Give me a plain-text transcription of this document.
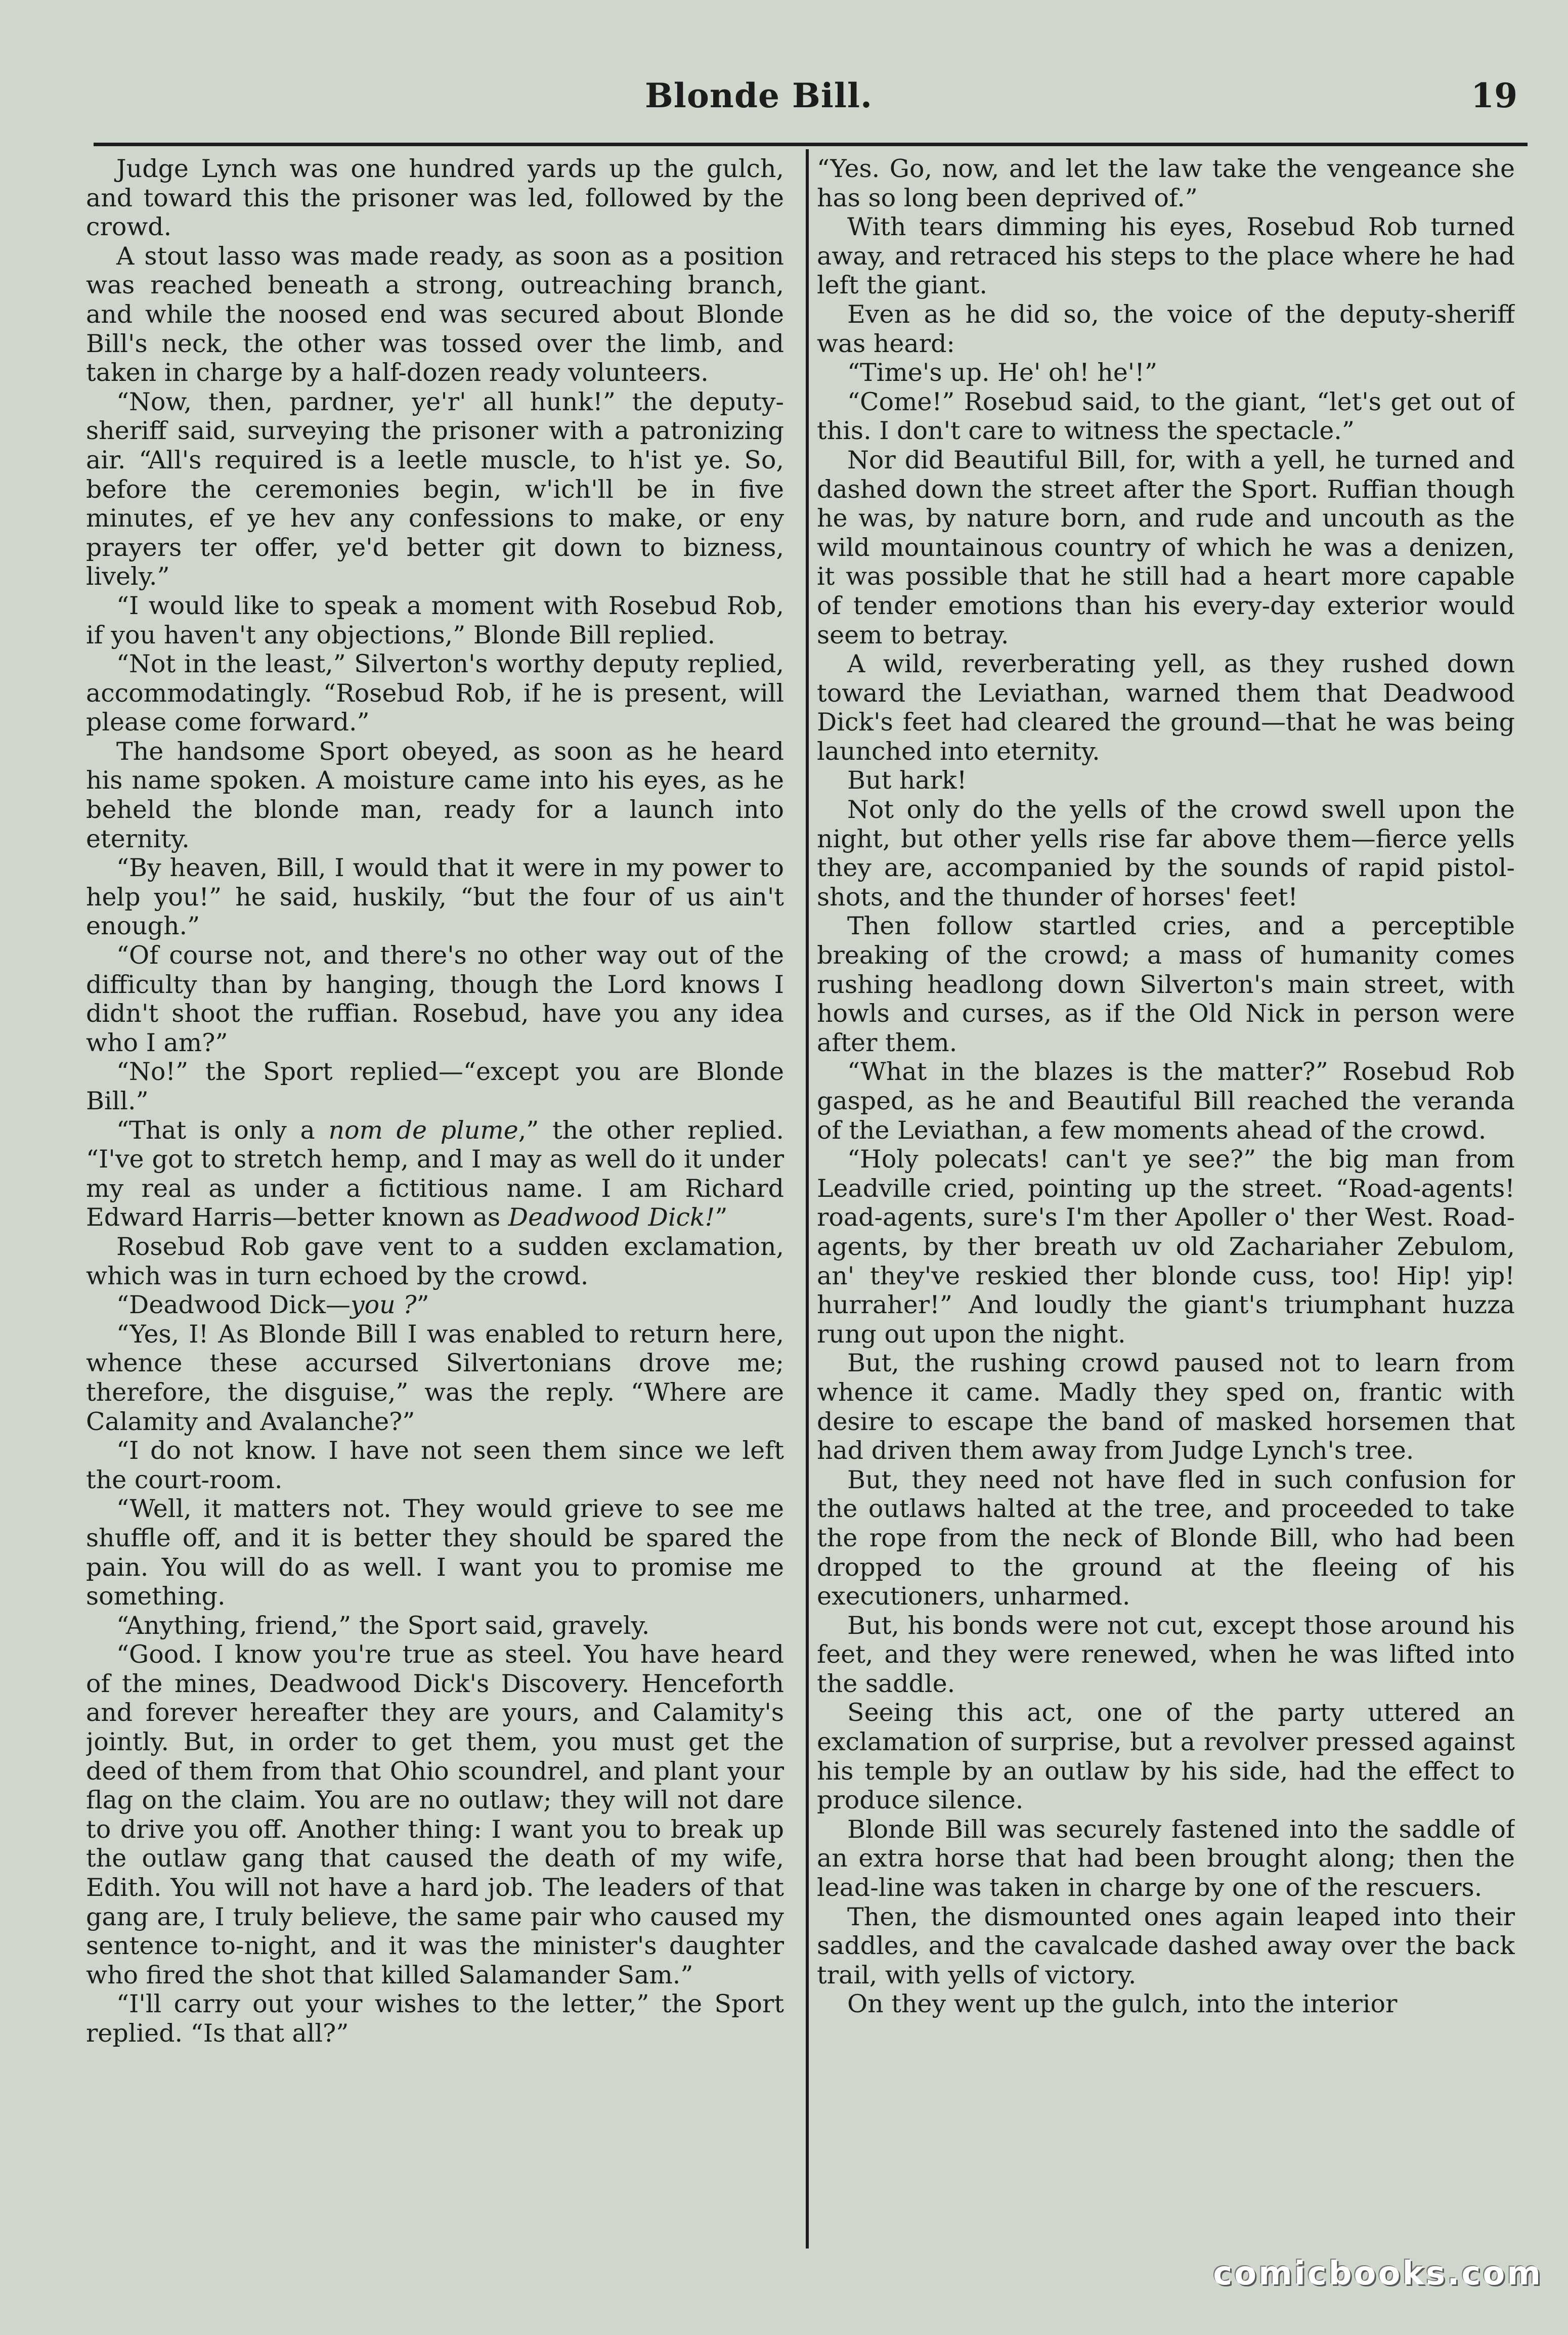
Blonde Bill.	19

Judge Lynch was one hundred yards up the gulch, and toward this the prisoner was led, followed by the crowd.

A stout lasso was made ready, as soon as a position was reached beneath a strong, outreaching branch, and while the noosed end was secured about Blonde Bill's neck, the other was tossed over the limb, and taken in charge by a half-dozen ready volunteers.

“Now, then, pardner, ye'r' all hunk!” the deputy-sheriff said, surveying the prisoner with a patronizing air. “All's required is a leetle muscle, to h'ist ye. So, before the ceremonies begin, w'ich'll be in five minutes, ef ye hev any confessions to make, or eny prayers ter offer, ye'd better git down to bizness, lively.”

“I would like to speak a moment with Rosebud Rob, if you haven't any objections,” Blonde Bill replied.

“Not in the least,” Silverton's worthy deputy replied, accommodatingly. “Rosebud Rob, if he is present, will please come forward.”

The handsome Sport obeyed, as soon as he heard his name spoken. A moisture came into his eyes, as he beheld the blonde man, ready for a launch into eternity.

“By heaven, Bill, I would that it were in my power to help you!” he said, huskily, “but the four of us ain't enough.”

“Of course not, and there's no other way out of the difficulty than by hanging, though the Lord knows I didn't shoot the ruffian. Rosebud, have you any idea who I am?”

“No!” the Sport replied—“except you are Blonde Bill.”

“That is only a nom de plume,” the other replied. “I've got to stretch hemp, and I may as well do it under my real as under a fictitious name. I am Richard Edward Harris—better known as Deadwood Dick!”

Rosebud Rob gave vent to a sudden exclamation, which was in turn echoed by the crowd.

“Deadwood Dick—you ?”

“Yes, I! As Blonde Bill I was enabled to return here, whence these accursed Silvertonians drove me; therefore, the disguise,” was the reply. “Where are Calamity and Avalanche?”

“I do not know. I have not seen them since we left the court-room.

“Well, it matters not. They would grieve to see me shuffle off, and it is better they should be spared the pain. You will do as well. I want you to promise me something.

“Anything, friend,” the Sport said, gravely.

“Good. I know you're true as steel. You have heard of the mines, Deadwood Dick's Discovery. Henceforth and forever hereafter they are yours, and Calamity's jointly. But, in order to get them, you must get the deed of them from that Ohio scoundrel, and plant your flag on the claim. You are no outlaw; they will not dare to drive you off. Another thing: I want you to break up the outlaw gang that caused the death of my wife, Edith. You will not have a hard job. The leaders of that gang are, I truly believe, the same pair who caused my sentence to-night, and it was the minister's daughter who fired the shot that killed Salamander Sam.”

“I'll carry out your wishes to the letter,” the Sport replied. “Is that all?”

“Yes. Go, now, and let the law take the vengeance she has so long been deprived of.”

With tears dimming his eyes, Rosebud Rob turned away, and retraced his steps to the place where he had left the giant.

Even as he did so, the voice of the deputy-sheriff was heard:

“Time's up. He' oh! he'!”

“Come!” Rosebud said, to the giant, “let's get out of this. I don't care to witness the spectacle.”

Nor did Beautiful Bill, for, with a yell, he turned and dashed down the street after the Sport. Ruffian though he was, by nature born, and rude and uncouth as the wild mountainous country of which he was a denizen, it was possible that he still had a heart more capable of tender emotions than his every-day exterior would seem to betray.

A wild, reverberating yell, as they rushed down toward the Leviathan, warned them that Deadwood Dick's feet had cleared the ground—that he was being launched into eternity.

But hark!

Not only do the yells of the crowd swell upon the night, but other yells rise far above them—fierce yells they are, accompanied by the sounds of rapid pistol-shots, and the thunder of horses' feet!

Then follow startled cries, and a perceptible breaking of the crowd; a mass of humanity comes rushing headlong down Silverton's main street, with howls and curses, as if the Old Nick in person were after them.

“What in the blazes is the matter?” Rosebud Rob gasped, as he and Beautiful Bill reached the veranda of the Leviathan, a few moments ahead of the crowd.

“Holy polecats! can't ye see?” the big man from Leadville cried, pointing up the street. “Road-agents! road-agents, sure's I'm ther Apoller o' ther West. Road-agents, by ther breath uv old Zachariaher Zebulom, an' they've reskied ther blonde cuss, too! Hip! yip! hurraher!” And loudly the giant's triumphant huzza rung out upon the night.

But, the rushing crowd paused not to learn from whence it came. Madly they sped on, frantic with desire to escape the band of masked horsemen that had driven them away from Judge Lynch's tree.

But, they need not have fled in such confusion for the outlaws halted at the tree, and proceeded to take the rope from the neck of Blonde Bill, who had been dropped to the ground at the fleeing of his executioners, unharmed.

But, his bonds were not cut, except those around his feet, and they were renewed, when he was lifted into the saddle.

Seeing this act, one of the party uttered an exclamation of surprise, but a revolver pressed against his temple by an outlaw by his side, had the effect to produce silence.

Blonde Bill was securely fastened into the saddle of an extra horse that had been brought along; then the lead-line was taken in charge by one of the rescuers.

Then, the dismounted ones again leaped into their saddles, and the cavalcade dashed away over the back trail, with yells of victory.

On they went up the gulch, into the interior

comicbooks.com
